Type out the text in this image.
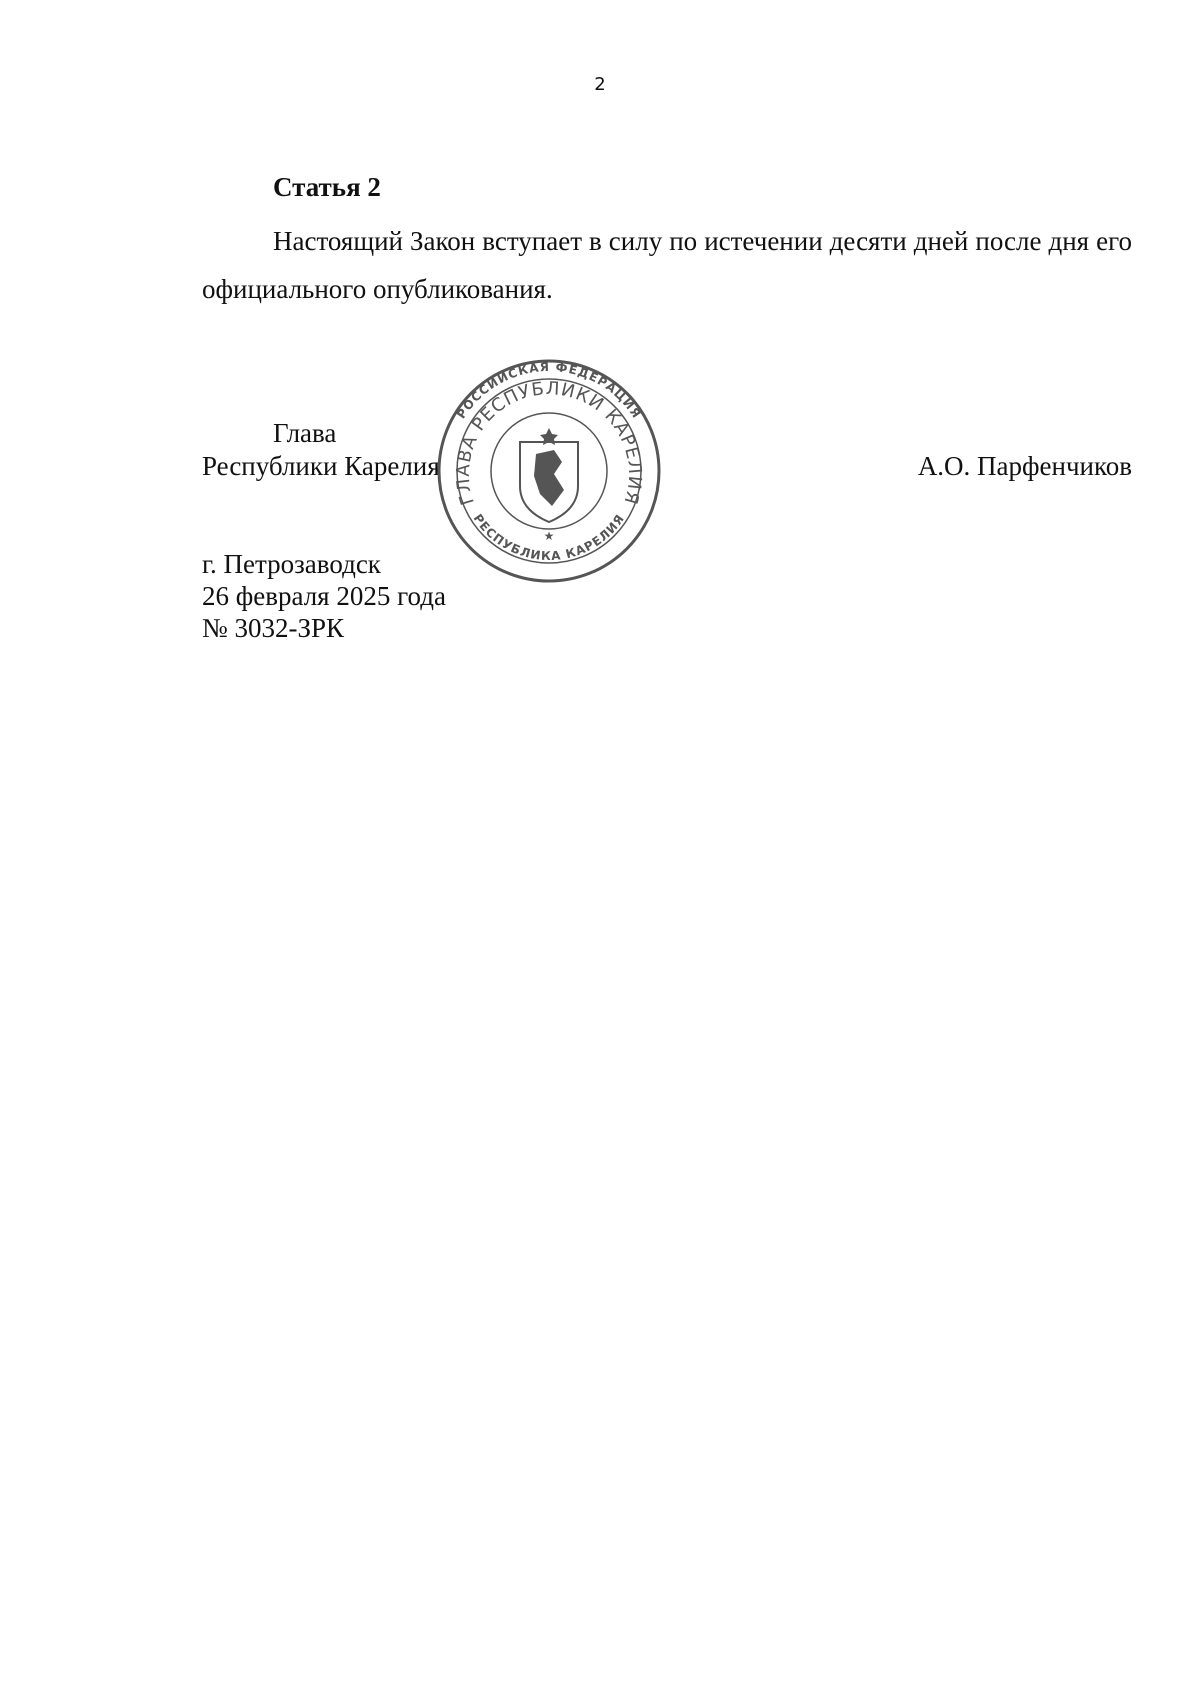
2
Статья 2
Настоящий Закон вступает в силу по истечении десяти дней после дня его официального опубликования.
Глава
Республики Карелия
РОССИЙСКАЯ ФЕДЕРАЦИЯ
РЕСПУБЛИКА КАРЕЛИЯ
ГЛАВА РЕСПУБЛИКИ КАРЕЛИЯ
★
А.О. Парфенчиков
г. Петрозаводск
26 февраля 2025 года
№ 3032-ЗРК
